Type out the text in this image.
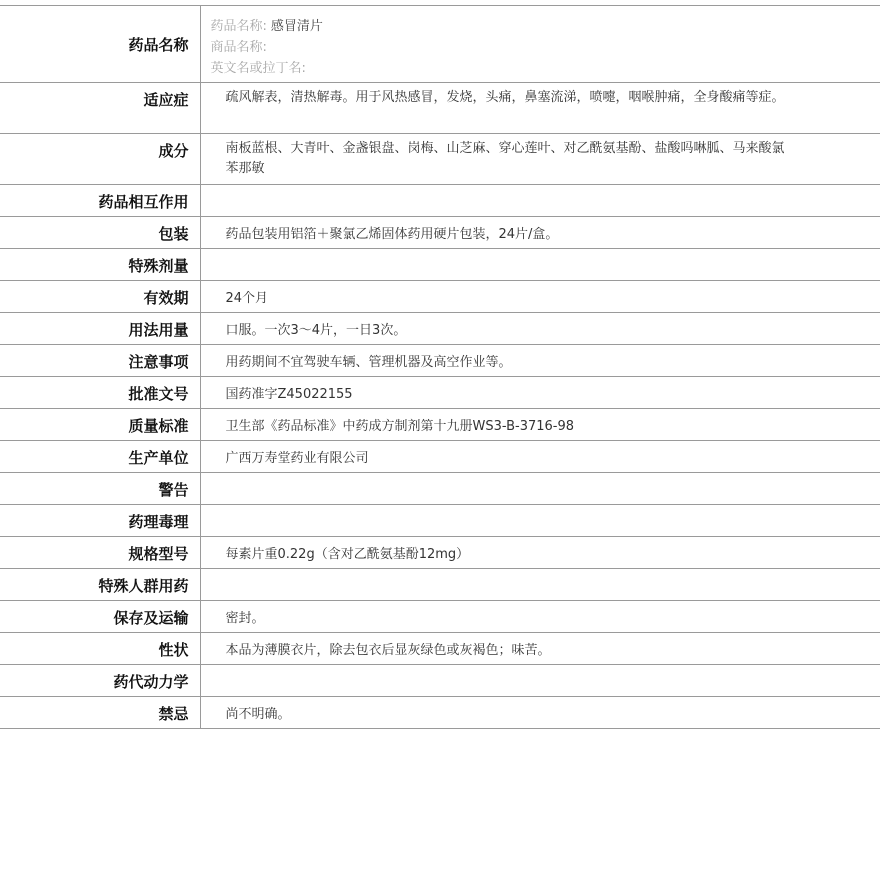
药品名称	药品名称: 感冒清片
商品名称:
英文名或拉丁名:

适应症	疏风解表，清热解毒。用于风热感冒，发烧，头痛，鼻塞流涕，喷嚏，咽喉肿痛，全身酸痛等症。
成分	南板蓝根、大青叶、金盏银盘、岗梅、山芝麻、穿心莲叶、对乙酰氨基酚、盐酸吗啉胍、马来酸氯苯那敏
药品相互作用	
包装	药品包装用铝箔＋聚氯乙烯固体药用硬片包装，24片/盒。
特殊剂量	
有效期	24个月
用法用量	口服。一次3～4片，一日3次。
注意事项	用药期间不宜驾驶车辆、管理机器及高空作业等。
批准文号	国药准字Z45022155
质量标准	卫生部《药品标准》中药成方制剂第十九册WS3-B-3716-98
生产单位	广西万寿堂药业有限公司
警告	
药理毒理	
规格型号	每素片重0.22g（含对乙酰氨基酚12mg）
特殊人群用药	
保存及运输	密封。
性状	本品为薄膜衣片，除去包衣后显灰绿色或灰褐色；味苦。
药代动力学	
禁忌	尚不明确。
